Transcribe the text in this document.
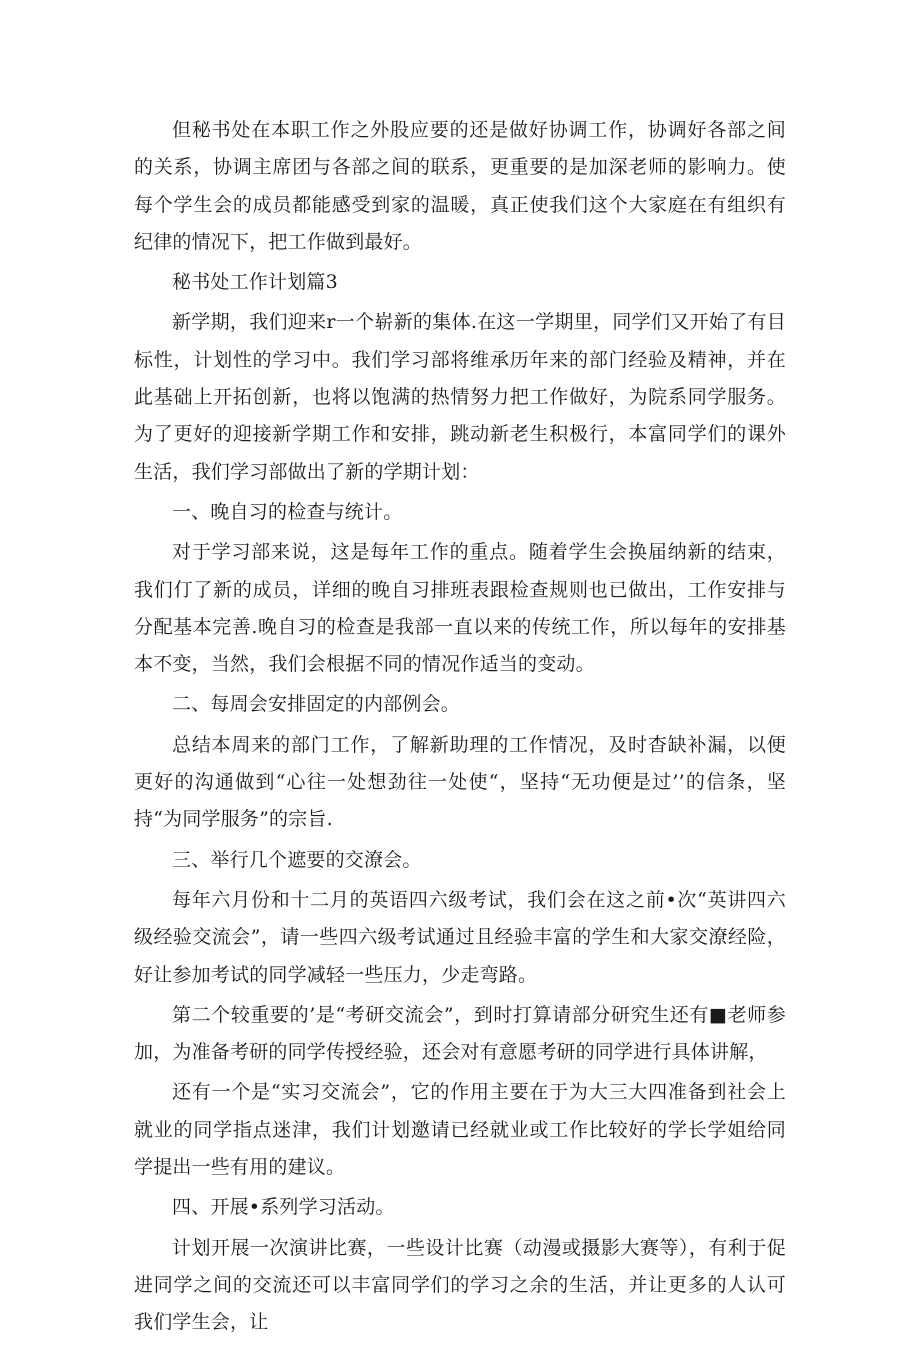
但秘书处在本职工作之外股应要的还是做好协调工作，协调好各部之间的关系，协调主席团与各部之间的联系，更重要的是加深老师的影响力。使每个学生会的成员都能感受到家的温暖，真正使我们这个大家庭在有组织有纪律的情况下，把工作做到最好。

秘书处工作计划篇3

新学期，我们迎来r一个崭新的集体.在这一学期里，同学们又开始了有目标性，计划性的学习中。我们学习部将维承历年来的部门经验及精神，并在此基础上开拓创新，也将以饱满的热情努力把工作做好，为院系同学服务。为了更好的迎接新学期工作和安排，跳动新老生积极行，本富同学们的课外生活，我们学习部做出了新的学期计划：

一、晚自习的检查与统计。

对于学习部来说，这是每年工作的重点。随着学生会换届纳新的结束，我们仃了新的成员，详细的晚自习排班表跟检查规则也已做出，工作安排与分配基本完善.晚自习的检查是我部一直以来的传统工作，所以每年的安排基本不变，当然，我们会根据不同的情况作适当的变动。

二、每周会安排固定的内部例会。

总结本周来的部门工作，了解新助理的工作情况，及时杳缺补漏，以便更好的沟通做到“心往一处想劲往一处使“，坚持“无功便是过’’的信条，坚持“为同学服务”的宗旨.

三、举行几个遮要的交潦会。

每年六月份和十二月的英语四六级考试，我们会在这之前•次“英讲四六级经验交流会”，请一些四六级考试通过且经验丰富的学生和大家交潦经险，好让参加考试的同学减轻一些压力，少走弯路。

第二个较重要的’是“考研交流会”，到时打算请部分研究生还有■老师参加，为准备考研的同学传授经验，还会对有意愿考研的同学进行具体讲解，

还有一个是“实习交流会”，它的作用主要在于为大三大四准备到社会上就业的同学指点迷津，我们计划邀请已经就业或工作比较好的学长学姐给同学提出一些有用的建议。

四、开展•系列学习活动。

计划开展一次演讲比赛，一些设计比赛（动漫或摄影大赛等），有利于促进同学之间的交流还可以丰富同学们的学习之余的生活，并让更多的人认可我们学生会，让
